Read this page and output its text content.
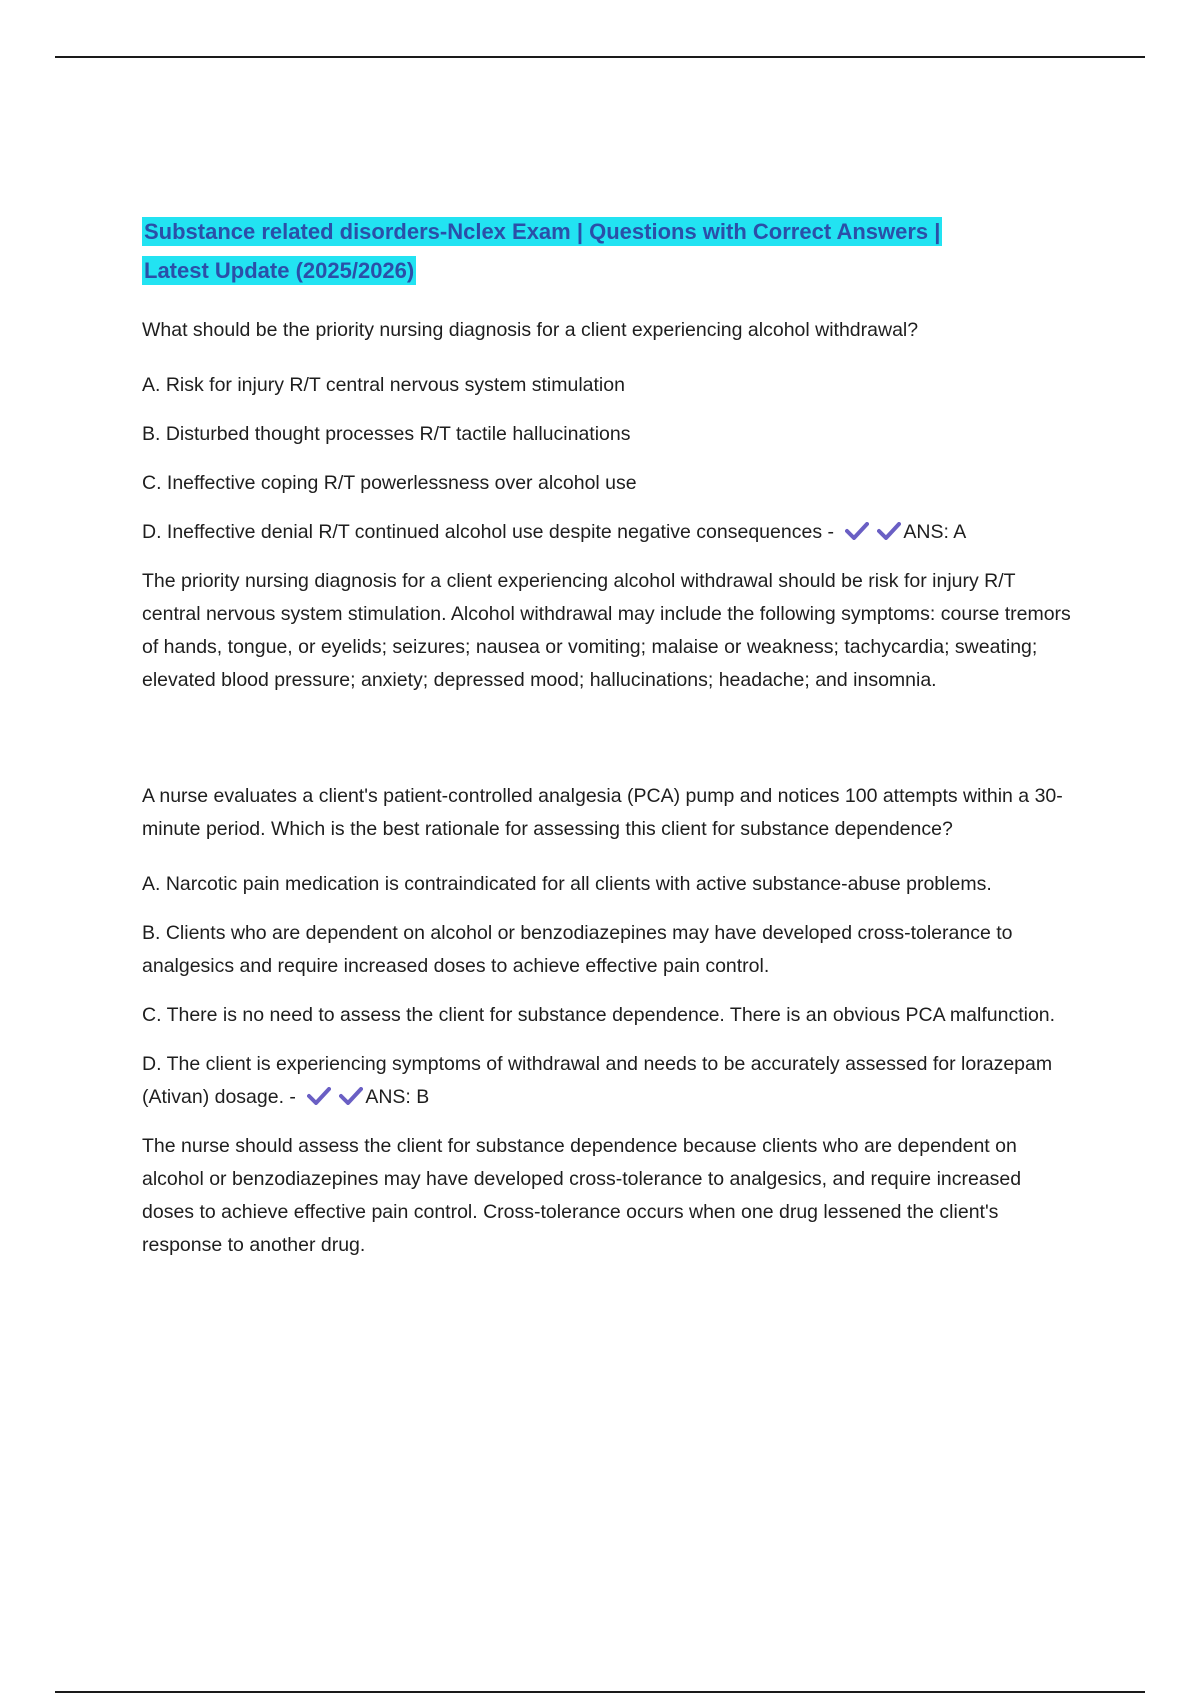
Substance related disorders-Nclex Exam | Questions with Correct Answers |
Latest Update (2025/2026)

What should be the priority nursing diagnosis for a client experiencing alcohol withdrawal?

A. Risk for injury R/T central nervous system stimulation

B. Disturbed thought processes R/T tactile hallucinations

C. Ineffective coping R/T powerlessness over alcohol use

D. Ineffective denial R/T continued alcohol use despite negative consequences -	ANS: A

The priority nursing diagnosis for a client experiencing alcohol withdrawal should be risk for injury R/T central nervous system stimulation. Alcohol withdrawal may include the following symptoms: course tremors of hands, tongue, or eyelids; seizures; nausea or vomiting; malaise or weakness; tachycardia; sweating; elevated blood pressure; anxiety; depressed mood; hallucinations; headache; and insomnia.

A nurse evaluates a client's patient-controlled analgesia (PCA) pump and notices 100 attempts within a 30-minute period. Which is the best rationale for assessing this client for substance dependence?

A. Narcotic pain medication is contraindicated for all clients with active substance-abuse problems.

B. Clients who are dependent on alcohol or benzodiazepines may have developed cross-tolerance to analgesics and require increased doses to achieve effective pain control.

C. There is no need to assess the client for substance dependence. There is an obvious PCA malfunction.

D. The client is experiencing symptoms of withdrawal and needs to be accurately assessed for lorazepam (Ativan) dosage. -	ANS: B

The nurse should assess the client for substance dependence because clients who are dependent on alcohol or benzodiazepines may have developed cross-tolerance to analgesics, and require increased doses to achieve effective pain control. Cross-tolerance occurs when one drug lessened the client's response to another drug.
